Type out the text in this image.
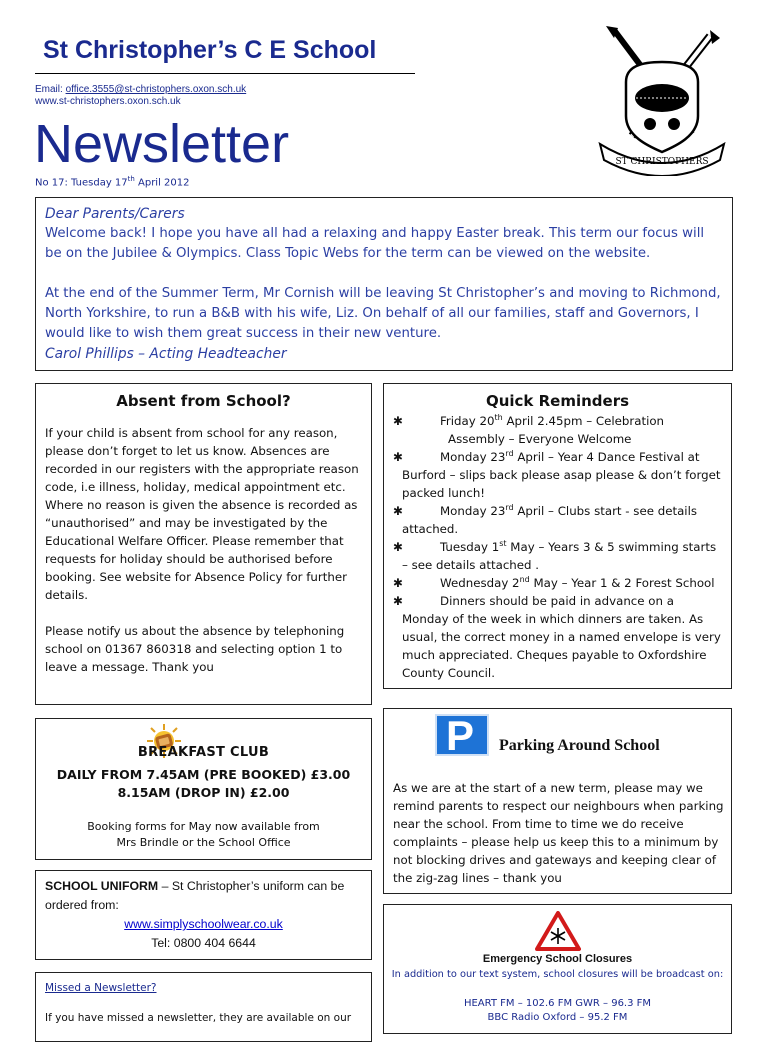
St Christopher’s C E School
Email: office.3555@st-christophers.oxon.sch.uk
www.st-christophers.oxon.sch.uk
Newsletter
No 17: Tuesday 17th April 2012
ST CHRISTOPHERS

Dear Parents/Carers

Welcome back! I hope you have all had a relaxing and happy Easter break. This term our focus will be on the Jubilee & Olympics. Class Topic Webs for the term can be viewed on the website.

At the end of the Summer Term, Mr Cornish will be leaving St Christopher’s and moving to Richmond, North Yorkshire, to run a B&B with his wife, Liz. On behalf of all our families, staff and Governors, I would like to wish them great success in their new venture.

Carol Phillips – Acting Headteacher

Absent from School?

If your child is absent from school for any reason, please don’t forget to let us know. Absences are recorded in our registers with the appropriate reason code, i.e illness, holiday, medical appointment etc. Where no reason is given the absence is recorded as “unauthorised” and may be investigated by the Educational Welfare Officer. Please remember that requests for holiday should be authorised before booking. See website for Absence Policy for further details.

Please notify us about the absence by telephoning school on 01367 860318 and selecting option 1 to leave a message. Thank you

Quick Reminders
✱	Friday 20th April 2.45pm – Celebration
Assembly – Everyone Welcome
✱	Monday 23rd April – Year 4 Dance Festival at Burford – slips back please asap please & don’t forget packed lunch!
✱	Monday 23rd April – Clubs start - see details attached.
✱	Tuesday 1st May – Years 3 & 5 swimming starts – see details attached .
✱	Wednesday 2nd May – Year 1 & 2 Forest School
✱	Dinners should be paid in advance on a Monday of the week in which dinners are taken. As usual, the correct money in a named envelope is very much appreciated. Cheques payable to Oxfordshire County Council.
BREAKFAST CLUB
DAILY FROM 7.45AM (PRE BOOKED) £3.00
8.15AM (DROP IN) £2.00
Booking forms for May now available from
Mrs Brindle or the School Office
SCHOOL UNIFORM – St Christopher’s uniform can be ordered from:
www.simplyschoolwear.co.uk
Tel: 0800 404 6644

Missed a Newsletter?

If you have missed a newsletter, they are available on our

P Parking Around School
As we are at the start of a new term, please may we remind parents to respect our neighbours when parking near the school. From time to time we do receive complaints – please help us keep this to a minimum by not blocking drives and gateways and keeping clear of the zig-zag lines – thank you
Emergency School Closures
In addition to our text system, school closures will be broadcast on:
HEART FM – 102.6 FM GWR – 96.3 FM
BBC Radio Oxford – 95.2 FM
